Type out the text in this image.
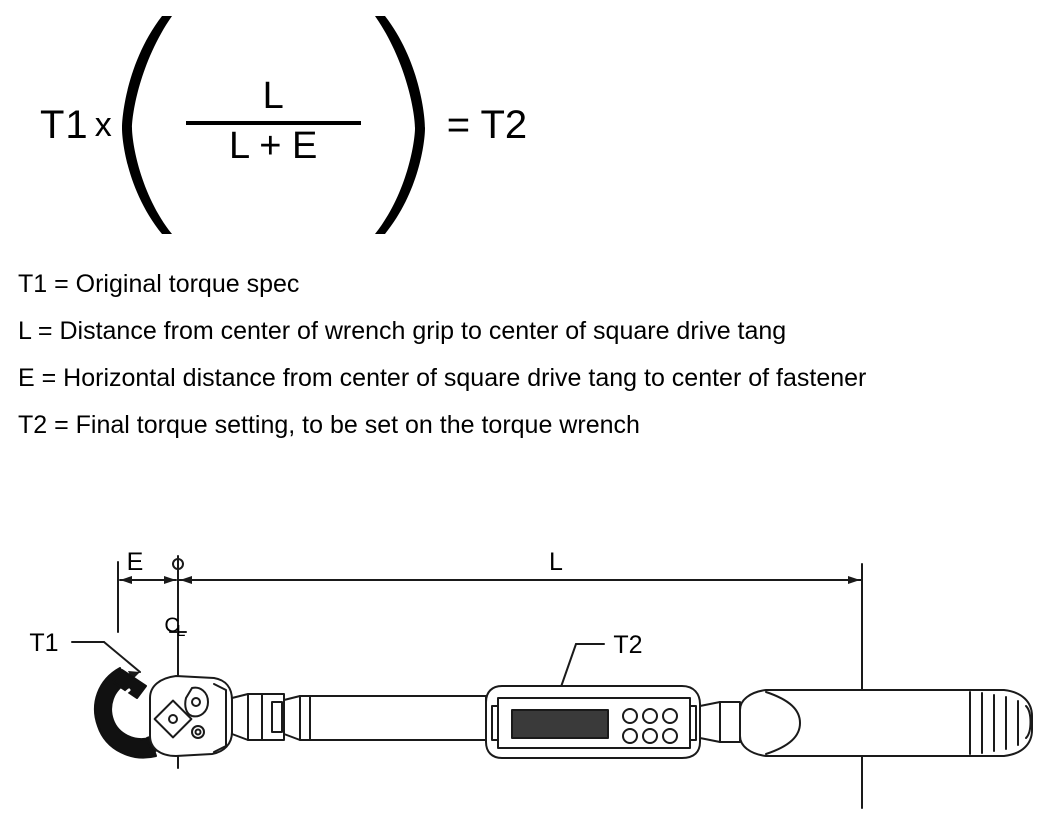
T1 x $\frac{L}{L + E} = T2$
T1 = Original torque spec
L = Distance from center of wrench grip to center of square drive tang
E = Horizontal distance from center of square drive tang to center of fastener
T2 = Final torque setting, to be set on the torque wrench
E	L
T1	T2
C
L
